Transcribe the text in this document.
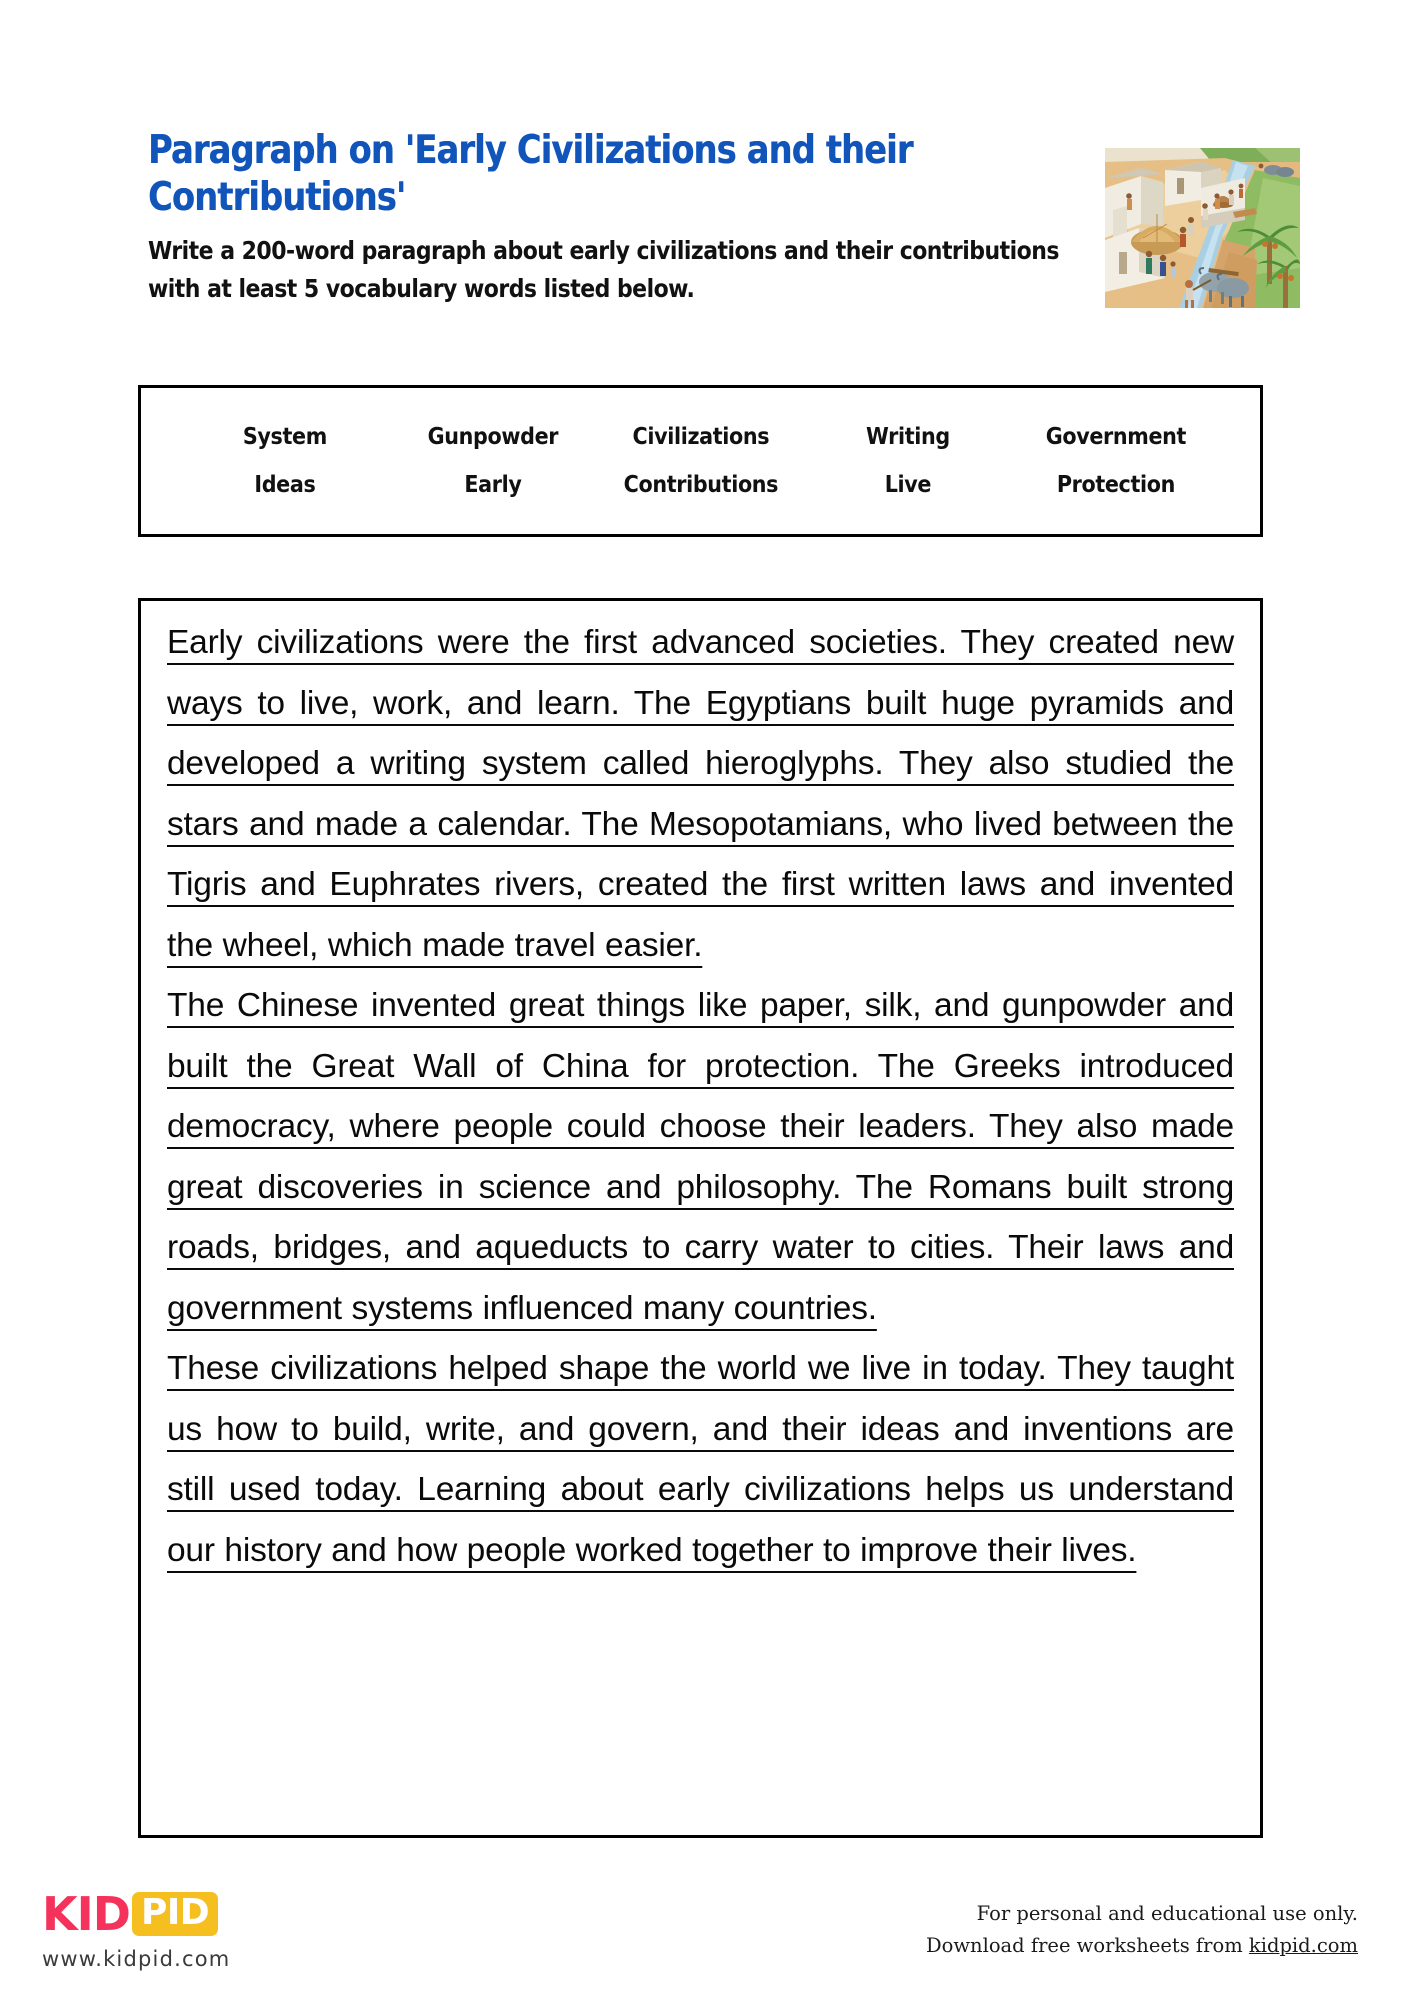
Paragraph on 'Early Civilizations and their Contributions'

Write a 200-word paragraph about early civilizations and their contributions with at least 5 vocabulary words listed below.

System	Gunpowder	Civilizations	Writing	Government
Ideas	Early	Contributions	Live	Protection

Early civilizations were the first advanced societies. They created new ways to live, work, and learn. The Egyptians built huge pyramids and developed a writing system called hieroglyphs. They also studied the stars and made a calendar. The Mesopotamians, who lived between the Tigris and Euphrates rivers, created the first written laws and invented the wheel, which made travel easier.

The Chinese invented great things like paper, silk, and gunpowder and built the Great Wall of China for protection. The Greeks introduced democracy, where people could choose their leaders. They also made great discoveries in science and philosophy. The Romans built strong roads, bridges, and aqueducts to carry water to cities. Their laws and government systems influenced many countries.

These civilizations helped shape the world we live in today. They taught us how to build, write, and govern, and their ideas and inventions are still used today. Learning about early civilizations helps us understand our history and how people worked together to improve their lives.

KID PID
www.kidpid.com
For personal and educational use only.
Download free worksheets from kidpid.com
